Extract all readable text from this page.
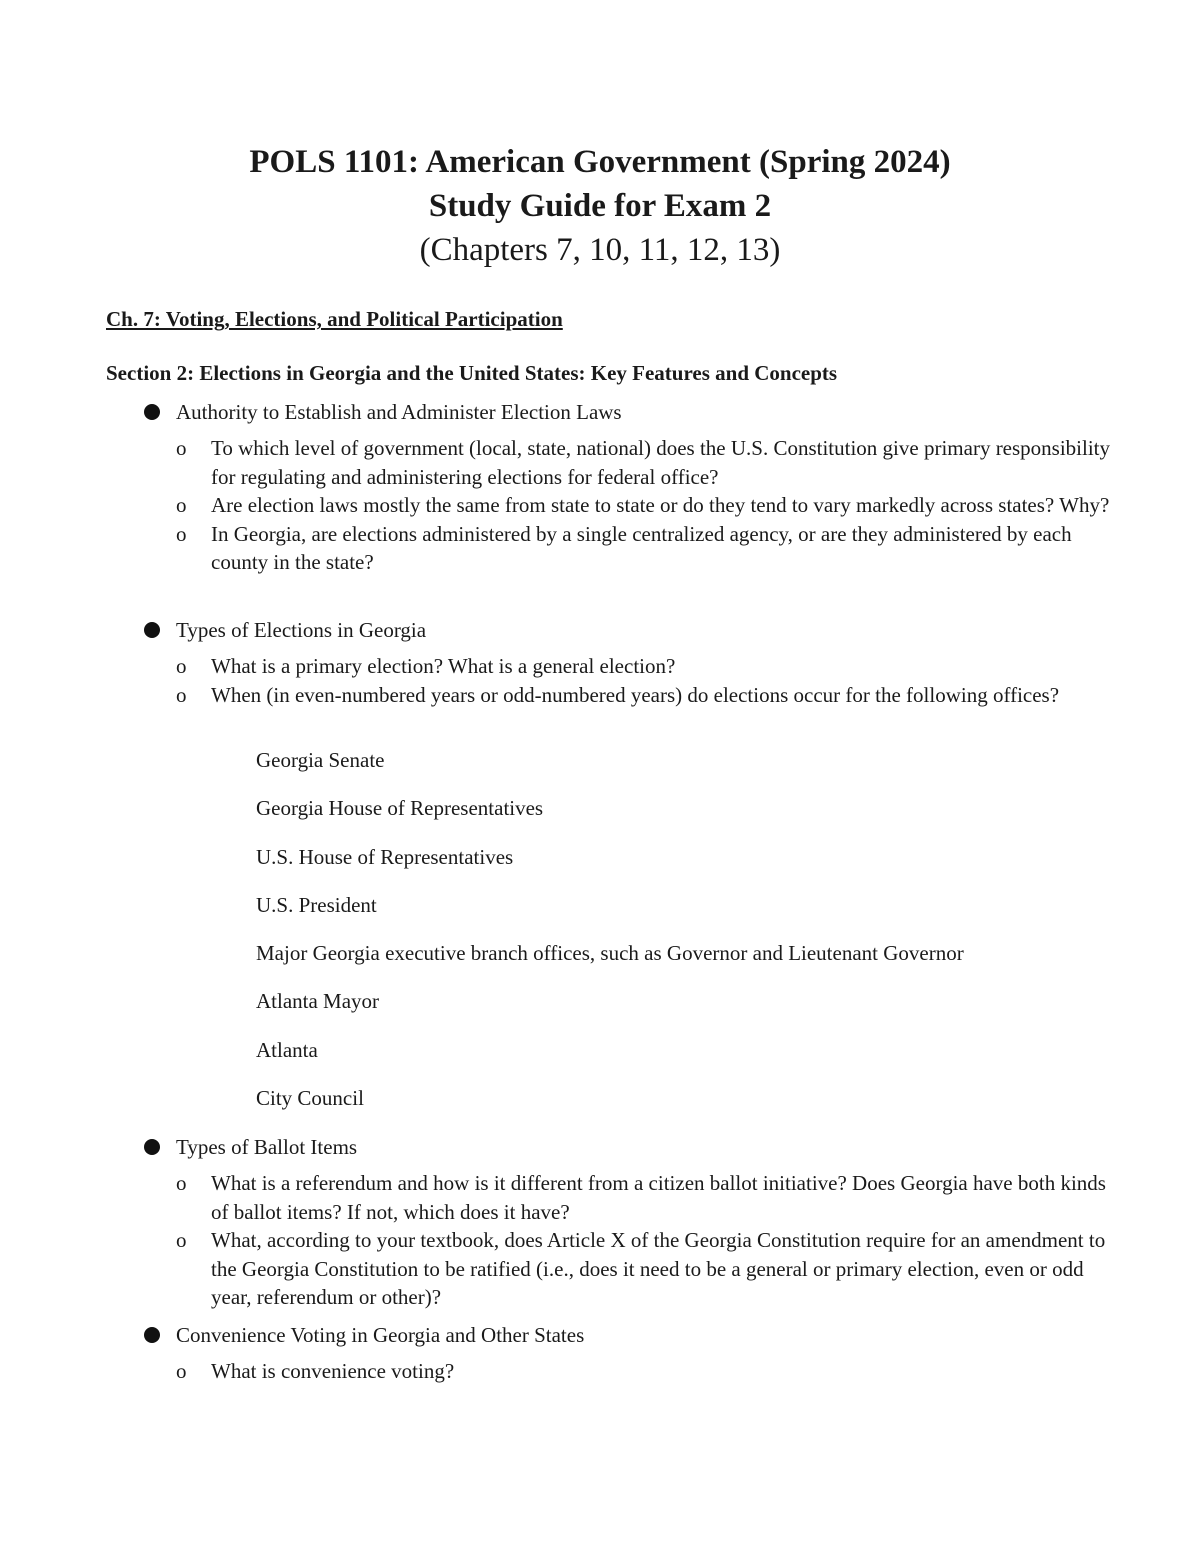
POLS 1101: American Government (Spring 2024)
Study Guide for Exam 2
(Chapters 7, 10, 11, 12, 13)
Ch. 7: Voting, Elections, and Political Participation
Section 2: Elections in Georgia and the United States: Key Features and Concepts
Authority to Establish and Administer Election Laws
o To which level of government (local, state, national) does the U.S. Constitution give primary responsibility for regulating and administering elections for federal office?
o Are election laws mostly the same from state to state or do they tend to vary markedly across states? Why?
o In Georgia, are elections administered by a single centralized agency, or are they administered by each county in the state?
Types of Elections in Georgia
o What is a primary election? What is a general election?
o When (in even-numbered years or odd-numbered years) do elections occur for the following offices?
Georgia Senate
Georgia House of Representatives
U.S. House of Representatives
U.S. President
Major Georgia executive branch offices, such as Governor and Lieutenant Governor
Atlanta Mayor
Atlanta
City Council
Types of Ballot Items
o What is a referendum and how is it different from a citizen ballot initiative? Does Georgia have both kinds of ballot items? If not, which does it have?
o What, according to your textbook, does Article X of the Georgia Constitution require for an amendment to the Georgia Constitution to be ratified (i.e., does it need to be a general or primary election, even or odd year, referendum or other)?
Convenience Voting in Georgia and Other States
o What is convenience voting?
